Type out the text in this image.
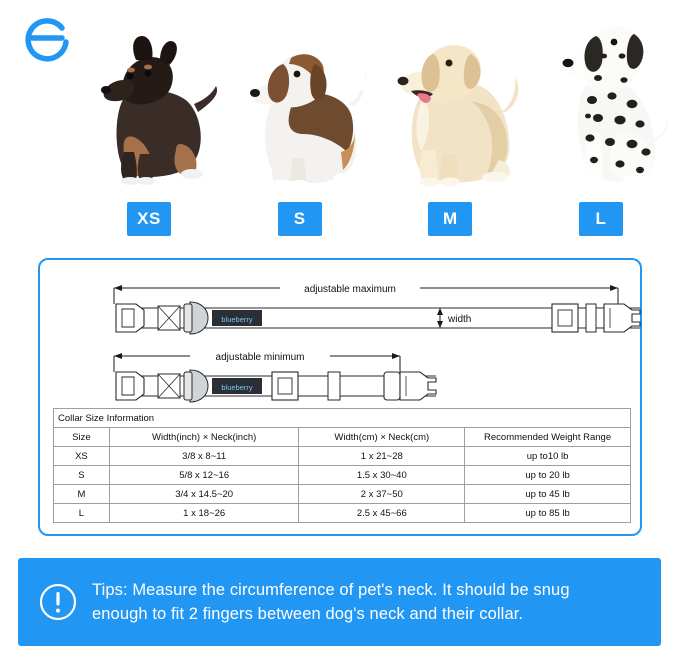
XS	S	M	L
adjustable maximum
blueberry	width
adjustable minimum
blueberry
Collar Size Information			
Size	Width(inch) × Neck(inch)	Width(cm) × Neck(cm)	Recommended Weight Range
XS	3/8 x 8~11	1 x 21~28	up to10 lb
S	5/8 x 12~16	1.5 x 30~40	up to 20 lb
M	3/4 x 14.5~20	2 x 37~50	up to 45 lb
L	1 x 18~26	2.5 x 45~66	up to 85 lb
Tips: Measure the circumference of pet's neck. It should be snug
enough to fit 2 fingers between dog's neck and their collar.
